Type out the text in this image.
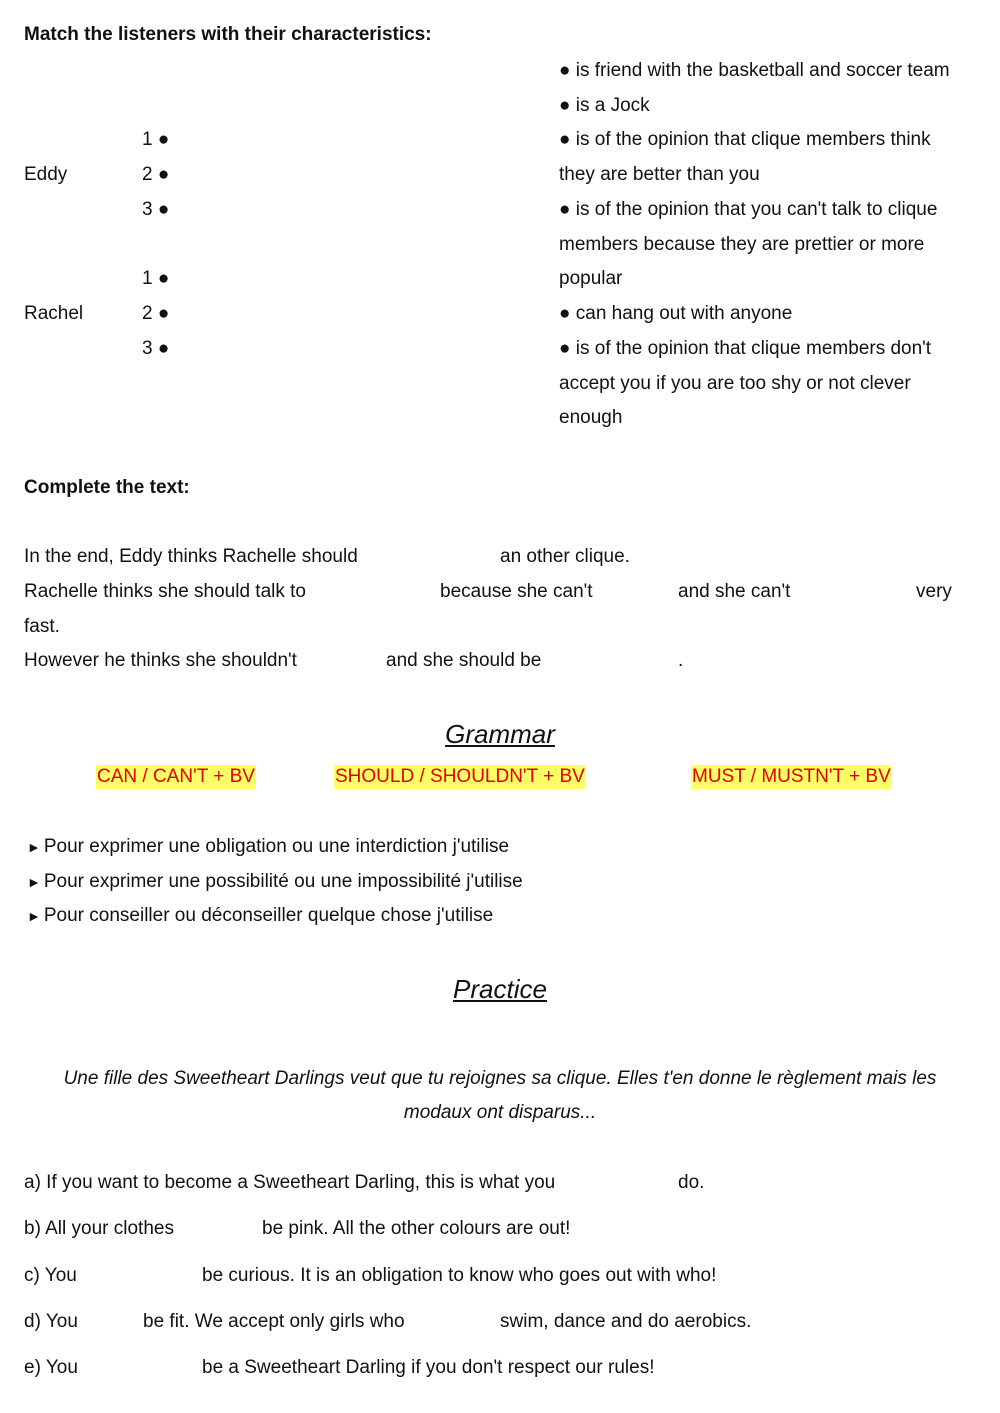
Match the listeners with their characteristics:
1 ●
Eddy	2 ●
3 ●
1 ●
Rachel	2 ●
3 ●
● is friend with the basketball and soccer team
● is a Jock
● is of the opinion that clique members think
they are better than you
● is of the opinion that you can't talk to clique
members because they are prettier or more
popular
● can hang out with anyone
● is of the opinion that clique members don't
accept you if you are too shy or not clever
enough
Complete the text:
In the end, Eddy thinks Rachelle should	an other clique.
Rachelle thinks she should talk to	because she can't	and she can't	very
fast.
However he thinks she shouldn't	and she should be	.
Grammar
CAN / CAN'T + BV	SHOULD / SHOULDN'T + BV	MUST / MUSTN'T + BV
► Pour exprimer une obligation ou une interdiction j'utilise
► Pour exprimer une possibilité ou une impossibilité j'utilise
► Pour conseiller ou déconseiller quelque chose j'utilise
Practice
Une fille des Sweetheart Darlings veut que tu rejoignes sa clique. Elles t'en donne le règlement mais les
modaux ont disparus...
a) If you want to become a Sweetheart Darling, this is what you	do.
b) All your clothes	be pink. All the other colours are out!
c) You	be curious. It is an obligation to know who goes out with who!
d) You	be fit. We accept only girls who	swim, dance and do aerobics.
e) You	be a Sweetheart Darling if you don't respect our rules!
